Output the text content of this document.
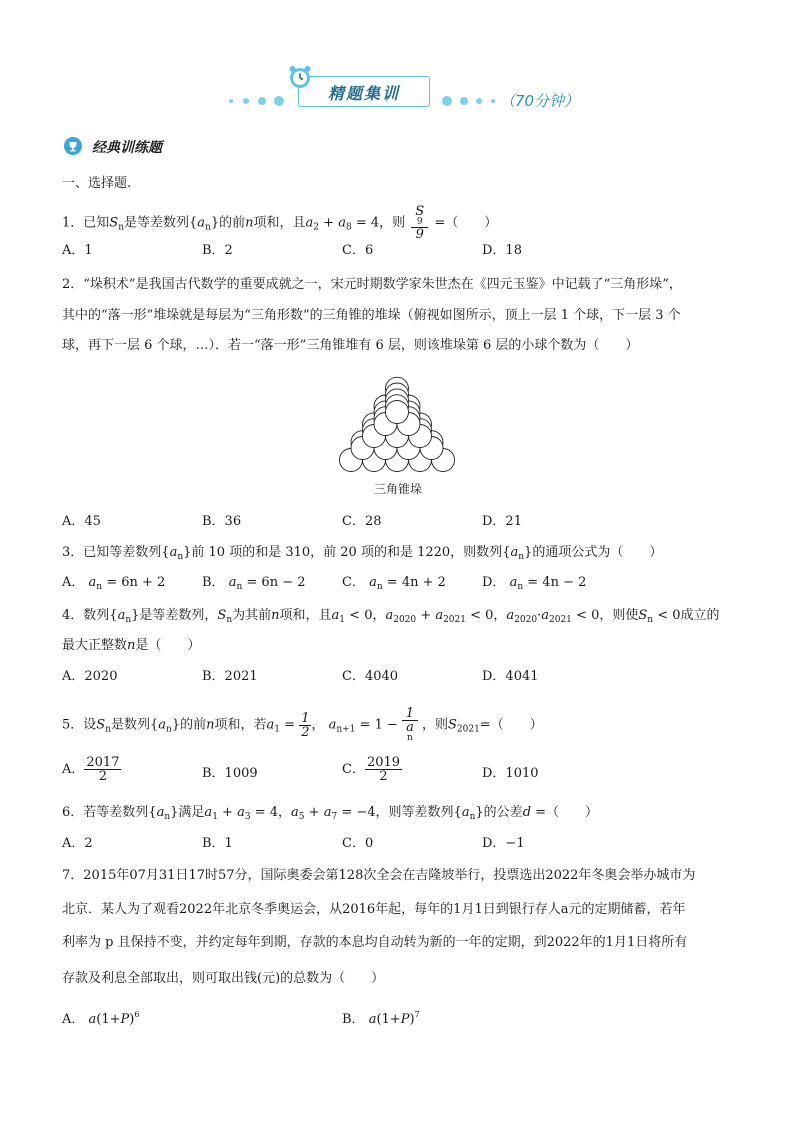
精题集训	（70分钟）
经典训练题
一、选择题.
1．已知$S_n$是等差数列$\{a_n\}$的前n项和，且$a_2 + a_8 = 4$，则 S
9
9 =（　　）
A．1	B．2	C．6	D．18
2．“垛积术”是我国古代数学的重要成就之一，宋元时期数学家朱世杰在《四元玉鉴》中记载了“三角形垛”，
其中的“落一形”堆垛就是每层为“三角形数”的三角锥的堆垛（俯视如图所示，顶上一层 1 个球，下一层 3 个
球，再下一层 6 个球，…）．若一“落一形”三角锥堆有 6 层，则该堆垛第 6 层的小球个数为（　　）
三角锥垛
A．45	B．36	C．28	D．21
3．已知等差数列$\{a_n\}$前 10 项的和是 310，前 20 项的和是 1220，则数列$\{a_n\}$的通项公式为（　　）
A． $a_n = 6n + 2$	B． $a_n = 6n - 2$	C． $a_n = 4n + 2$	D． $a_n = 4n - 2$
4．数列$\{a_n\}$是等差数列，$S_n$为其前n项和，且$a_1 < 0$，$a_{2020} + a_{2021} < 0$，$a_{2020}\cdot a_{2021} < 0$，则使$S_n < 0$成立的
最大正整数n是（　　）
A．2020	B．2021	C．4040	D．4041
5．设$S_n$是数列$\{a_n\}$的前n项和，若$a_1 = \frac{1}{2}$ ， $a_{n+1} = 1 - 1$
a
n ，则$S_{2021}=$（　　）
A． $\frac{2017}{2}$	B．1009	C． $\frac{2019}{2}$	D．1010
6．若等差数列$\{a_n\}$满足$a_1 + a_3 = 4$，$a_5 + a_7 = -4$，则等差数列$\{a_n\}$的公差d =（　　）
A．2	B．1	C．0	D．−1
7．2015年07月31日17时57分，国际奥委会第128次全会在吉隆坡举行，投票选出2022年冬奥会举办城市为
北京．某人为了观看2022年北京冬季奥运会，从2016年起，每年的1月1日到银行存人a元的定期储蓄，若年
利率为 p 且保持不变，并约定每年到期，存款的本息均自动转为新的一年的定期，到2022年的1月1日将所有
存款及利息全部取出，则可取出钱(元)的总数为（　　）
A． $a(1+P)^6$	B． $a(1+P)^7$
